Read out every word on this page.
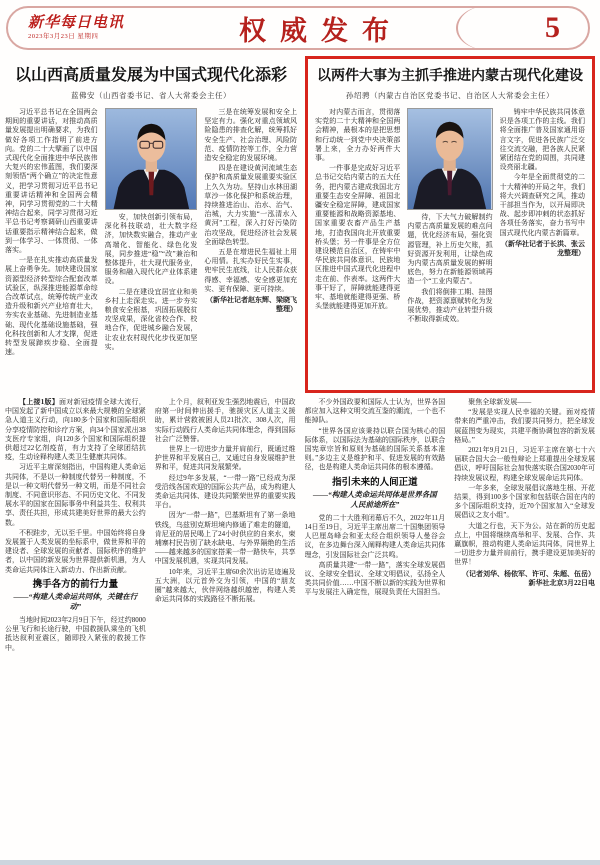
新华每日电讯
2023年3月23日 星期四	权威发布	5
以山西高质量发展为中国式现代化添彩
蓝佛安（山西省委书记、省人大常委会主任）

习近平总书记在全国两会期间的重要讲话，对推动高质量发展提出明确要求，为我们做好各项工作指明了前进方向。党的二十大擘画了以中国式现代化全面推进中华民族伟大复兴的宏伟蓝图，我们要深刻领悟“两个确立”的决定性意义，把学习贯彻习近平总书记重要讲话精神和全国两会精神，同学习贯彻党的二十大精神结合起来，同学习贯彻习近平总书记考察调研山西重要讲话重要指示精神结合起来，做到一体学习、一体贯彻、一体落实。

一是在扎实推动高质量发展上奋勇争先。加快建设国家资源型经济转型综合配套改革试验区，纵深推进能源革命综合改革试点，统筹传统产业改造升级和新兴产业培育壮大，夯实农业基础、先进制造业基础、现代化基础设施基础，强化科技创新和人才支撑，促进转型发展蹄疾步稳、全面提速。

安，加快创新引领布局，深化科技联动，壮大数字经济，加快数实融合，推动产业高端化、智能化、绿色化发展，同步推进“稳”“改”兼治和整体提升，壮大现代服务业，服务和融入现代化产业体系建设。

二是在建设宜居宜业和美乡村上走深走实。进一步夯实粮食安全根基，巩固拓展脱贫攻坚成果，深化省校合作、校地合作，促进城乡融合发展，让农业农村现代化步伐更加坚实。

三是在统筹发展和安全上坚定有力。强化对重点领域风险隐患的排查化解，统筹抓好安全生产、社会治理、风险防范、疫情防控等工作，全力营造安全稳定的发展环境。

四是在建设黄河流域生态保护和高质量发展重要实验区上久久为功。坚持山水林田湖草沙一体化保护和系统治理，持续推进治山、治水、治气、治城，大力实施“一泓清水入黄河”工程，深入打好污染防治攻坚战，促进经济社会发展全面绿色转型。

五是在增进民生福祉上用心用情。扎实办好民生实事，兜牢民生底线，让人民群众获得感、幸福感、安全感更加充实、更有保障、更可持续。

（新华社记者赵东辉、梁晓飞整理）
以两件大事为主抓手推进内蒙古现代化建设
孙绍骋（内蒙古自治区党委书记、自治区人大常委会主任）

对内蒙古而言，贯彻落实党的二十大精神和全国两会精神，最根本的是把思想和行动统一到党中央决策部署上来，全力办好两件大事。

一件事是完成好习近平总书记交给内蒙古的五大任务，把内蒙古建成我国北方重要生态安全屏障、祖国北疆安全稳定屏障，建成国家重要能源和战略资源基地、国家重要农畜产品生产基地，打造我国向北开放重要桥头堡；另一件事是全方位建设模范自治区，在铸牢中华民族共同体意识、民族地区推进中国式现代化进程中走在前、作表率。这两件大事干好了，屏障就能建得更牢、基地就能建得更强、桥头堡就能建得更加开放。

待，下大气力破解制约内蒙古高质量发展的难点问题，优化经济布局，强化资源管理，补上历史欠账，抓好资源开发利用，让绿色成为内蒙古高质量发展的鲜明底色，努力在新能源领域再造一个“工业内蒙古”。

我们将倒排工期、挂图作战，把资源禀赋转化为发展优势，推动产业转型升级不断取得新成效。

铸牢中华民族共同体意识是各项工作的主线。我们将全面推广普及国家通用语言文字，促进各民族广泛交往交流交融，把各族人民紧紧团结在党的周围，共同建设亮丽北疆。

今年是全面贯彻党的二十大精神的开局之年，我们将大兴调查研究之风，推动干部担当作为，以开局即决战、起步即冲刺的状态抓好各项任务落实，奋力书写中国式现代化内蒙古新篇章。

（新华社记者于长洪、张云龙整理）

【上接1版】面对新冠疫情全球大流行，中国发起了新中国成立以来最大规模的全球紧急人道主义行动，向180多个国家和国际组织分享疫情防控和诊疗方案，向34个国家派出38支医疗专家组，向120多个国家和国际组织提供超过22亿剂疫苗，有力支持了全球团结抗疫，生动诠释构建人类卫生健康共同体。

习近平主席深刻指出，中国构建人类命运共同体，不是以一种制度代替另一种制度，不是以一种文明代替另一种文明，而是不同社会制度、不同意识形态、不同历史文化、不同发展水平的国家在国际事务中利益共生、权利共享、责任共担，形成共建美好世界的最大公约数。

不积跬步，无以至千里。中国始终将自身发展置于人类发展的坐标系中，做世界和平的建设者、全球发展的贡献者、国际秩序的维护者，以中国的新发展为世界提供新机遇，为人类命运共同体注入新动力、作出新贡献。

携手各方的前行力量
——“构建人类命运共同体，关键在行动”

当地时间2023年2月9日下午，经过约8000公里飞行和长途行驶，中国救援队乘坐的飞机抵达叙利亚震区，随即投入紧张的救援工作中。

上个月，叙利亚发生强烈地震后，中国政府第一时间伸出援手，驰援灾区人道主义援助，累计营救被困人员21批次、308人次，用实际行动践行人类命运共同体理念，得到国际社会广泛赞誉。

世界上一切进步力量并肩前行，既通过维护世界和平发展自己，又通过自身发展维护世界和平，促进共同发展繁荣。

经过9年多发展，“一带一路”已经成为深受沿线各国欢迎的国际公共产品，成为构建人类命运共同体、建设共同繁荣世界的重要实践平台。

因为“一带一路”，巴基斯坦有了第一条地铁线，乌兹别克斯坦境内修通了难走的隧道，肯尼亚的居民喝上了24小时供应的自来水，柬埔寨村民告别了缺水缺电、与外界隔绝的生活——越来越多的国家搭乘一带一路快车，共享中国发展机遇，实现共同发展。

10年来，习近平主席60余次出访足迹遍及五大洲，以元首外交为引领，中国的“朋友圈”越来越大，伙伴网络越织越密，构建人类命运共同体的实践路径不断拓展。

不少外国政要和国际人士认为，世界各国都应加入这种文明交流互鉴的潮流，一个也不能掉队。

“世界各国应该秉持以联合国为核心的国际体系，以国际法为基础的国际秩序，以联合国宪章宗旨和原则为基础的国际关系基本准则。”多边主义是维护和平、促进发展的有效路径，也是构建人类命运共同体的根本遵循。

指引未来的人间正道
——“构建人类命运共同体是世界各国人民前途所在”

党的二十大胜利闭幕后不久，2022年11月14日至19日，习近平主席出席二十国集团领导人巴厘岛峰会和亚太经合组织领导人曼谷会议，在多边舞台深入阐释构建人类命运共同体理念，引发国际社会广泛共鸣。

高质量共建“一带一路”，落实全球发展倡议、全球安全倡议、全球文明倡议，弘扬全人类共同价值……中国不断以新的实践为世界和平与发展注入确定性，展现负责任大国担当。

聚焦全球新发展——

“发展是实现人民幸福的关键。面对疫情带来的严重冲击，我们要共同努力，把全球发展蓝图变为现实，共建平衡协调包容的新发展格局。”

2021年9月21日，习近平主席在第七十六届联合国大会一般性辩论上郑重提出全球发展倡议，呼吁国际社会加快落实联合国2030年可持续发展议程，构建全球发展命运共同体。

一年多来，全球发展倡议落地生根、开花结果，得到100多个国家和包括联合国在内的多个国际组织支持，近70个国家加入“全球发展倡议之友小组”。

大道之行也，天下为公。站在新的历史起点上，中国将继续高举和平、发展、合作、共赢旗帜，推动构建人类命运共同体，同世界上一切进步力量并肩前行，携手建设更加美好的世界！

（记者刘华、杨依军、许可、朱超、伍岳）
新华社北京3月22日电
